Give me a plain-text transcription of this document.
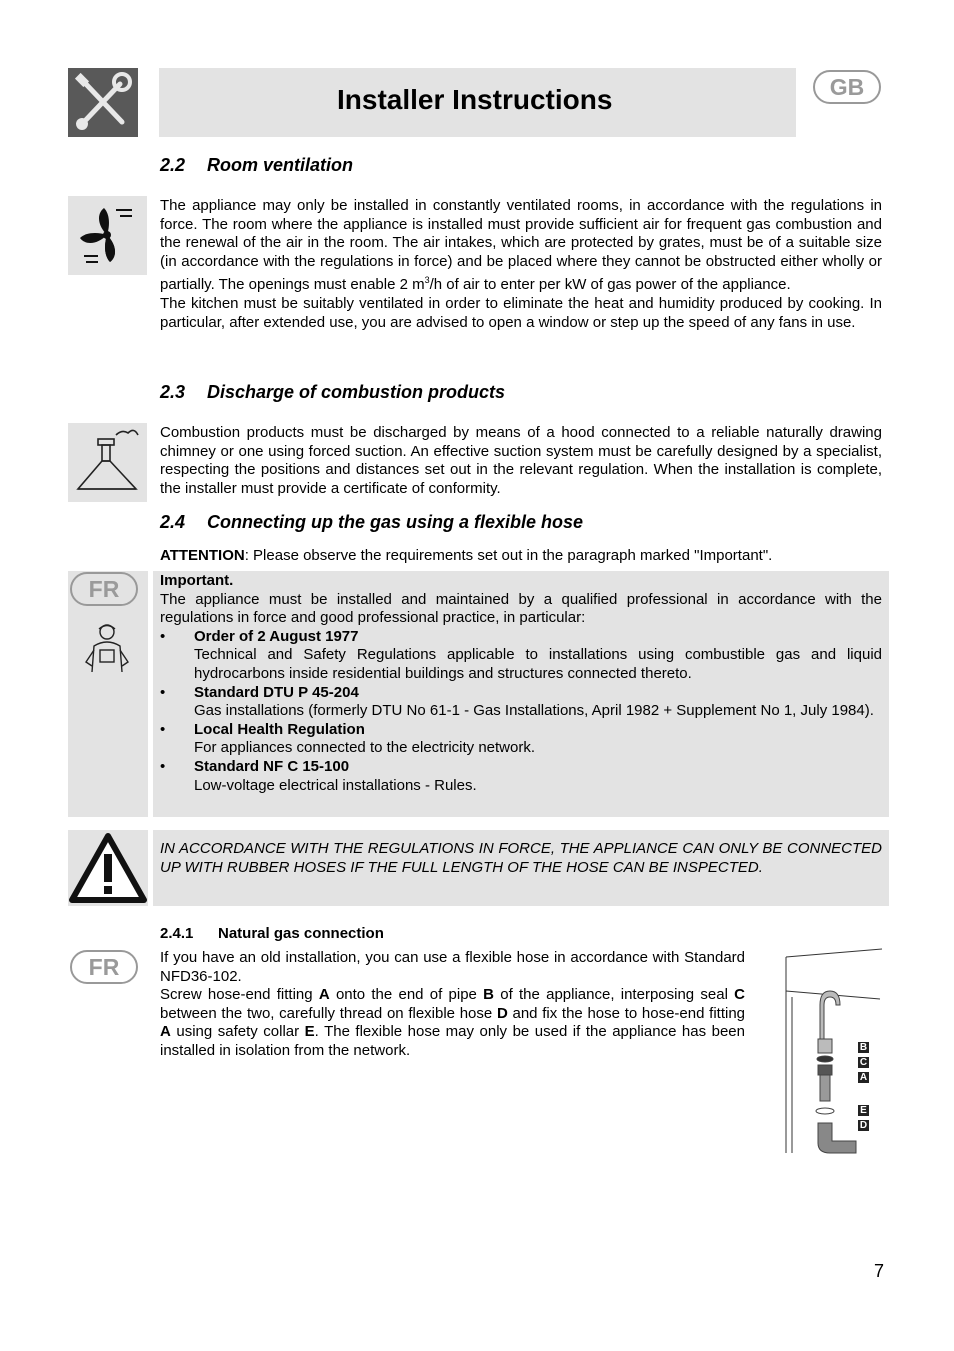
Installer Instructions	GB
2.2 Room ventilation

The appliance may only be installed in constantly ventilated rooms, in accordance with the regulations in force. The room where the appliance is installed must provide sufficient air for frequent gas combustion and the renewal of the air in the room. The air intakes, which are protected by grates, must be of a suitable size (in accordance with the regulations in force) and be placed where they cannot be obstructed either wholly or partially. The openings must enable 2 $m^3/h$ of air to enter per kW of gas power of the appliance.

The kitchen must be suitably ventilated in order to eliminate the heat and humidity produced by cooking. In particular, after extended use, you are advised to open a window or step up the speed of any fans in use.

2.3 Discharge of combustion products

Combustion products must be discharged by means of a hood connected to a reliable naturally drawing chimney or one using forced suction. An effective suction system must be carefully designed by a specialist, respecting the positions and distances set out in the relevant regulation. When the installation is complete, the installer must provide a certificate of conformity.

2.4 Connecting up the gas using a flexible hose

ATTENTION: Please observe the requirements set out in the paragraph marked "Important".

FR	Important.

The appliance must be installed and maintained by a qualified professional in accordance with the regulations in force and good professional practice, in particular:

• Order of 2 August 1977
Technical and Safety Regulations applicable to installations using combustible gas and liquid hydrocarbons inside residential buildings and structures connected thereto.
• Standard DTU P 45-204
Gas installations (formerly DTU No 61-1 - Gas Installations, April 1982 + Supplement No 1, July 1984).
• Local Health Regulation
For appliances connected to the electricity network.
• Standard NF C 15-100
Low-voltage electrical installations - Rules.

IN ACCORDANCE WITH THE REGULATIONS IN FORCE, THE APPLIANCE CAN ONLY BE CONNECTED UP WITH RUBBER HOSES IF THE FULL LENGTH OF THE HOSE CAN BE INSPECTED.

2.4.1 Natural gas connection
FR	If you have an old installation, you can use a flexible hose in accordance with Standard NFD36-102.

Screw hose-end fitting A onto the end of pipe B of the appliance, interposing seal C between the two, carefully thread on flexible hose D and fix the hose to hose-end fitting A using safety collar E. The flexible hose may only be used if the appliance has been installed in isolation from the network.	B
C
A
E
D
7
